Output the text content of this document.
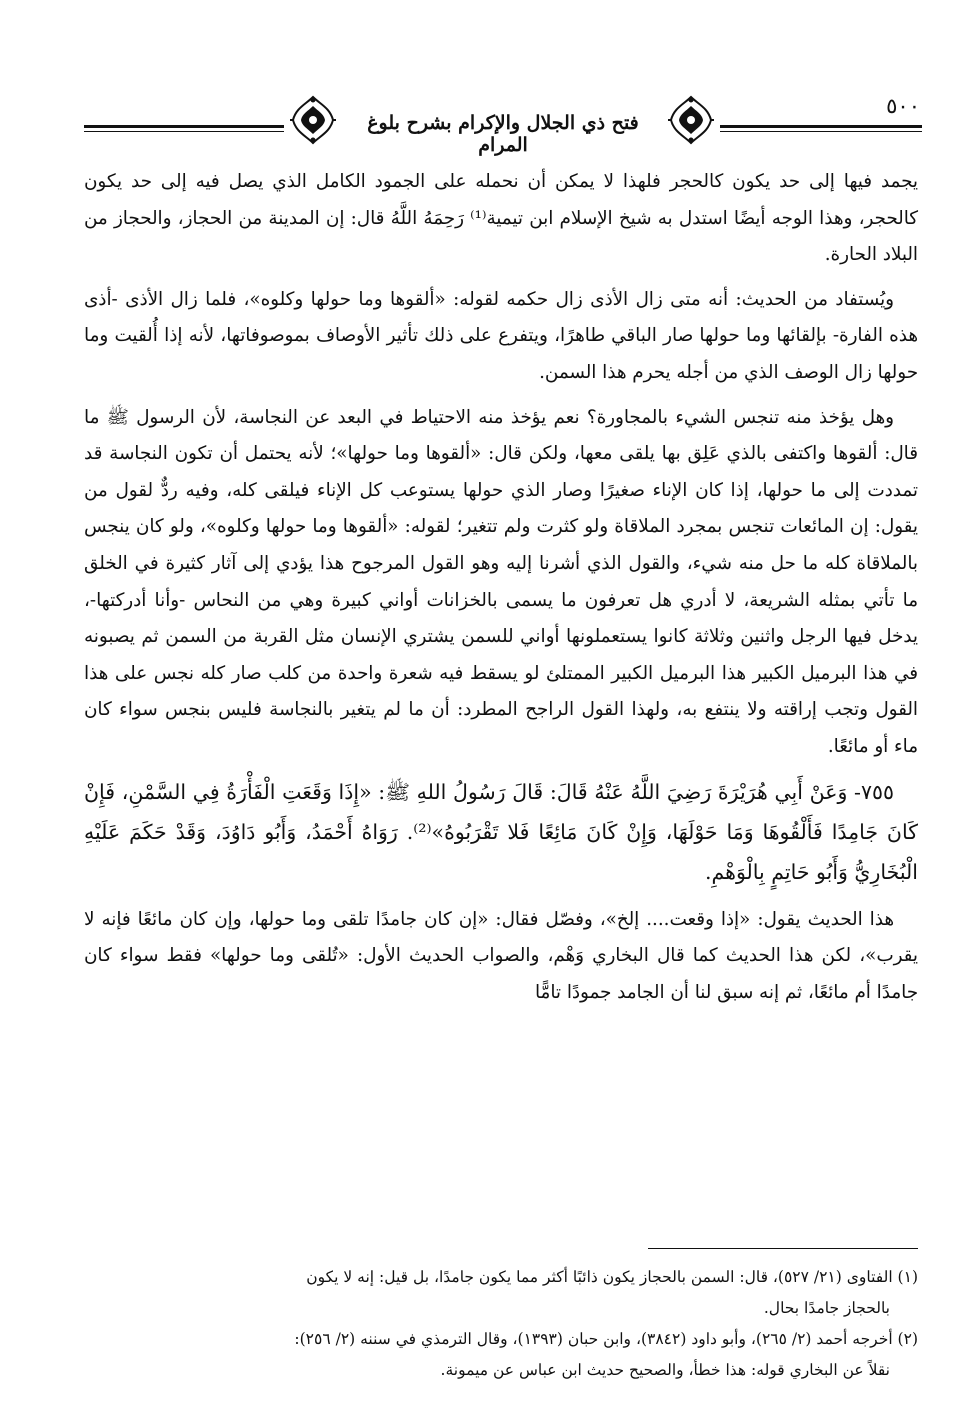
فتح ذي الجلال والإكرام بشرح بلوغ المرام
٥٠٠

يجمد فيها إلى حد يكون كالحجر فلهذا لا يمكن أن نحمله على الجمود الكامل الذي يصل فيه إلى حد يكون كالحجر، وهذا الوجه أيضًا استدل به شيخ الإسلام ابن تيمية⁽¹⁾ رَحِمَهُ اللَّهُ قال: إن المدينة من الحجاز، والحجاز من البلاد الحارة.

ويُستفاد من الحديث: أنه متى زال الأذى زال حكمه لقوله: «ألقوها وما حولها وكلوه»، فلما زال الأذى -أذى هذه الفارة- بإلقائها وما حولها صار الباقي طاهرًا، ويتفرع على ذلك تأثير الأوصاف بموصوفاتها، لأنه إذا أُلقيت وما حولها زال الوصف الذي من أجله يحرم هذا السمن.

وهل يؤخذ منه تنجس الشيء بالمجاورة؟ نعم يؤخذ منه الاحتياط في البعد عن النجاسة، لأن الرسول ﷺ ما قال: ألقوها واكتفى بالذي عَلِق بها يلقى معها، ولكن قال: «ألقوها وما حولها»؛ لأنه يحتمل أن تكون النجاسة قد تمددت إلى ما حولها، إذا كان الإناء صغيرًا وصار الذي حولها يستوعب كل الإناء فيلقى كله، وفيه ردٌّ لقول من يقول: إن المائعات تنجس بمجرد الملاقاة ولو كثرت ولم تتغير؛ لقوله: «ألقوها وما حولها وكلوه»، ولو كان ينجس بالملاقاة كله ما حل منه شيء، والقول الذي أشرنا إليه وهو القول المرجوح هذا يؤدي إلى آثار كثيرة في الخلق ما تأتي بمثله الشريعة، لا أدري هل تعرفون ما يسمى بالخزانات أواني كبيرة وهي من النحاس -وأنا أدركتها-، يدخل فيها الرجل واثنين وثلاثة كانوا يستعملونها أواني للسمن يشتري الإنسان مثل القربة من السمن ثم يصبونه في هذا البرميل الكبير هذا البرميل الكبير الممتلئ لو يسقط فيه شعرة واحدة من كلب صار كله نجس على هذا القول وتجب إراقته ولا ينتفع به، ولهذا القول الراجح المطرد: أن ما لم يتغير بالنجاسة فليس بنجس سواء كان ماء أو مائعًا.

٧٥٥- وَعَنْ أَبِي هُرَيْرَةَ رَضِيَ اللَّهُ عَنْهُ قَالَ: قَالَ رَسُولُ اللهِ ﷺ: «إِذَا وَقَعَتِ الْفَأْرَةُ فِي السَّمْنِ، فَإِنْ كَانَ جَامِدًا فَأَلْقُوهَا وَمَا حَوْلَهَا، وَإِنْ كَانَ مَائِعًا فَلا تَقْرَبُوهُ»⁽²⁾. رَوَاهُ أَحْمَدُ، وَأَبُو دَاوُدَ، وَقَدْ حَكَمَ عَلَيْهِ الْبُخَارِيُّ وَأَبُو حَاتِمٍ بِالْوَهْمِ.

هذا الحديث يقول: «إذا وقعت.... إلخ»، وفصّل فقال: «إن كان جامدًا تلقى وما حولها، وإن كان مائعًا فإنه لا يقرب»، لكن هذا الحديث كما قال البخاري وَهْم، والصواب الحديث الأول: «تُلقى وما حولها» فقط سواء كان جامدًا أم مائعًا، ثم إنه سبق لنا أن الجامد جمودًا تامًّا

(١) الفتاوى (٢١/ ٥٢٧)، قال: السمن بالحجاز يكون ذائبًا أكثر مما يكون جامدًا، بل قيل: إنه لا يكون

بالحجاز جامدًا بحال.

(٢) أخرجه أحمد (٢/ ٢٦٥)، وأبو داود (٣٨٤٢)، وابن حبان (١٣٩٣)، وقال الترمذي في سننه (٢/ ٢٥٦):

نقلاً عن البخاري قوله: هذا خطأ، والصحيح حديث ابن عباس عن ميمونة.
